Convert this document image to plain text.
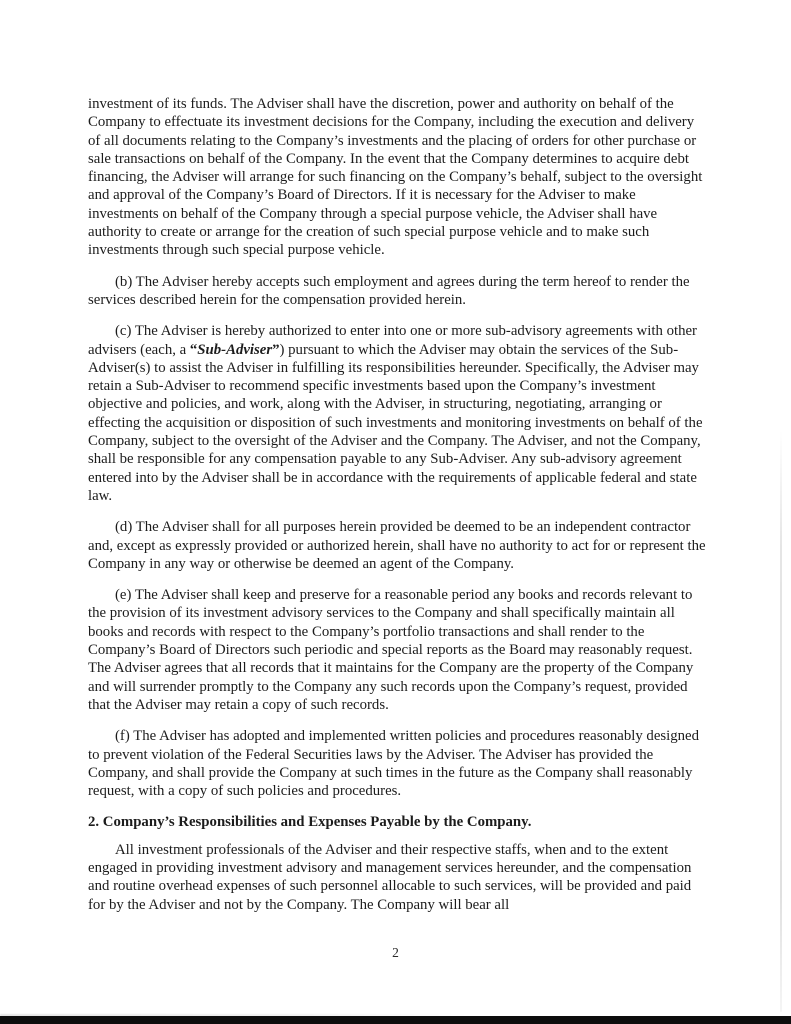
investment of its funds. The Adviser shall have the discretion, power and authority on behalf of the Company to effectuate its investment decisions for the Company, including the execution and delivery of all documents relating to the Company’s investments and the placing of orders for other purchase or sale transactions on behalf of the Company. In the event that the Company determines to acquire debt financing, the Adviser will arrange for such financing on the Company’s behalf, subject to the oversight and approval of the Company’s Board of Directors. If it is necessary for the Adviser to make investments on behalf of the Company through a special purpose vehicle, the Adviser shall have authority to create or arrange for the creation of such special purpose vehicle and to make such investments through such special purpose vehicle.

(b) The Adviser hereby accepts such employment and agrees during the term hereof to render the services described herein for the compensation provided herein.

(c) The Adviser is hereby authorized to enter into one or more sub-advisory agreements with other advisers (each, a “Sub-Adviser”) pursuant to which the Adviser may obtain the services of the Sub-Adviser(s) to assist the Adviser in fulfilling its responsibilities hereunder. Specifically, the Adviser may retain a Sub-Adviser to recommend specific investments based upon the Company’s investment objective and policies, and work, along with the Adviser, in structuring, negotiating, arranging or effecting the acquisition or disposition of such investments and monitoring investments on behalf of the Company, subject to the oversight of the Adviser and the Company. The Adviser, and not the Company, shall be responsible for any compensation payable to any Sub-Adviser. Any sub-advisory agreement entered into by the Adviser shall be in accordance with the requirements of applicable federal and state law.

(d) The Adviser shall for all purposes herein provided be deemed to be an independent contractor and, except as expressly provided or authorized herein, shall have no authority to act for or represent the Company in any way or otherwise be deemed an agent of the Company.

(e) The Adviser shall keep and preserve for a reasonable period any books and records relevant to the provision of its investment advisory services to the Company and shall specifically maintain all books and records with respect to the Company’s portfolio transactions and shall render to the Company’s Board of Directors such periodic and special reports as the Board may reasonably request. The Adviser agrees that all records that it maintains for the Company are the property of the Company and will surrender promptly to the Company any such records upon the Company’s request, provided that the Adviser may retain a copy of such records.

(f) The Adviser has adopted and implemented written policies and procedures reasonably designed to prevent violation of the Federal Securities laws by the Adviser. The Adviser has provided the Company, and shall provide the Company at such times in the future as the Company shall reasonably request, with a copy of such policies and procedures.

2. Company’s Responsibilities and Expenses Payable by the Company.

All investment professionals of the Adviser and their respective staffs, when and to the extent engaged in providing investment advisory and management services hereunder, and the compensation and routine overhead expenses of such personnel allocable to such services, will be provided and paid for by the Adviser and not by the Company. The Company will bear all

2
